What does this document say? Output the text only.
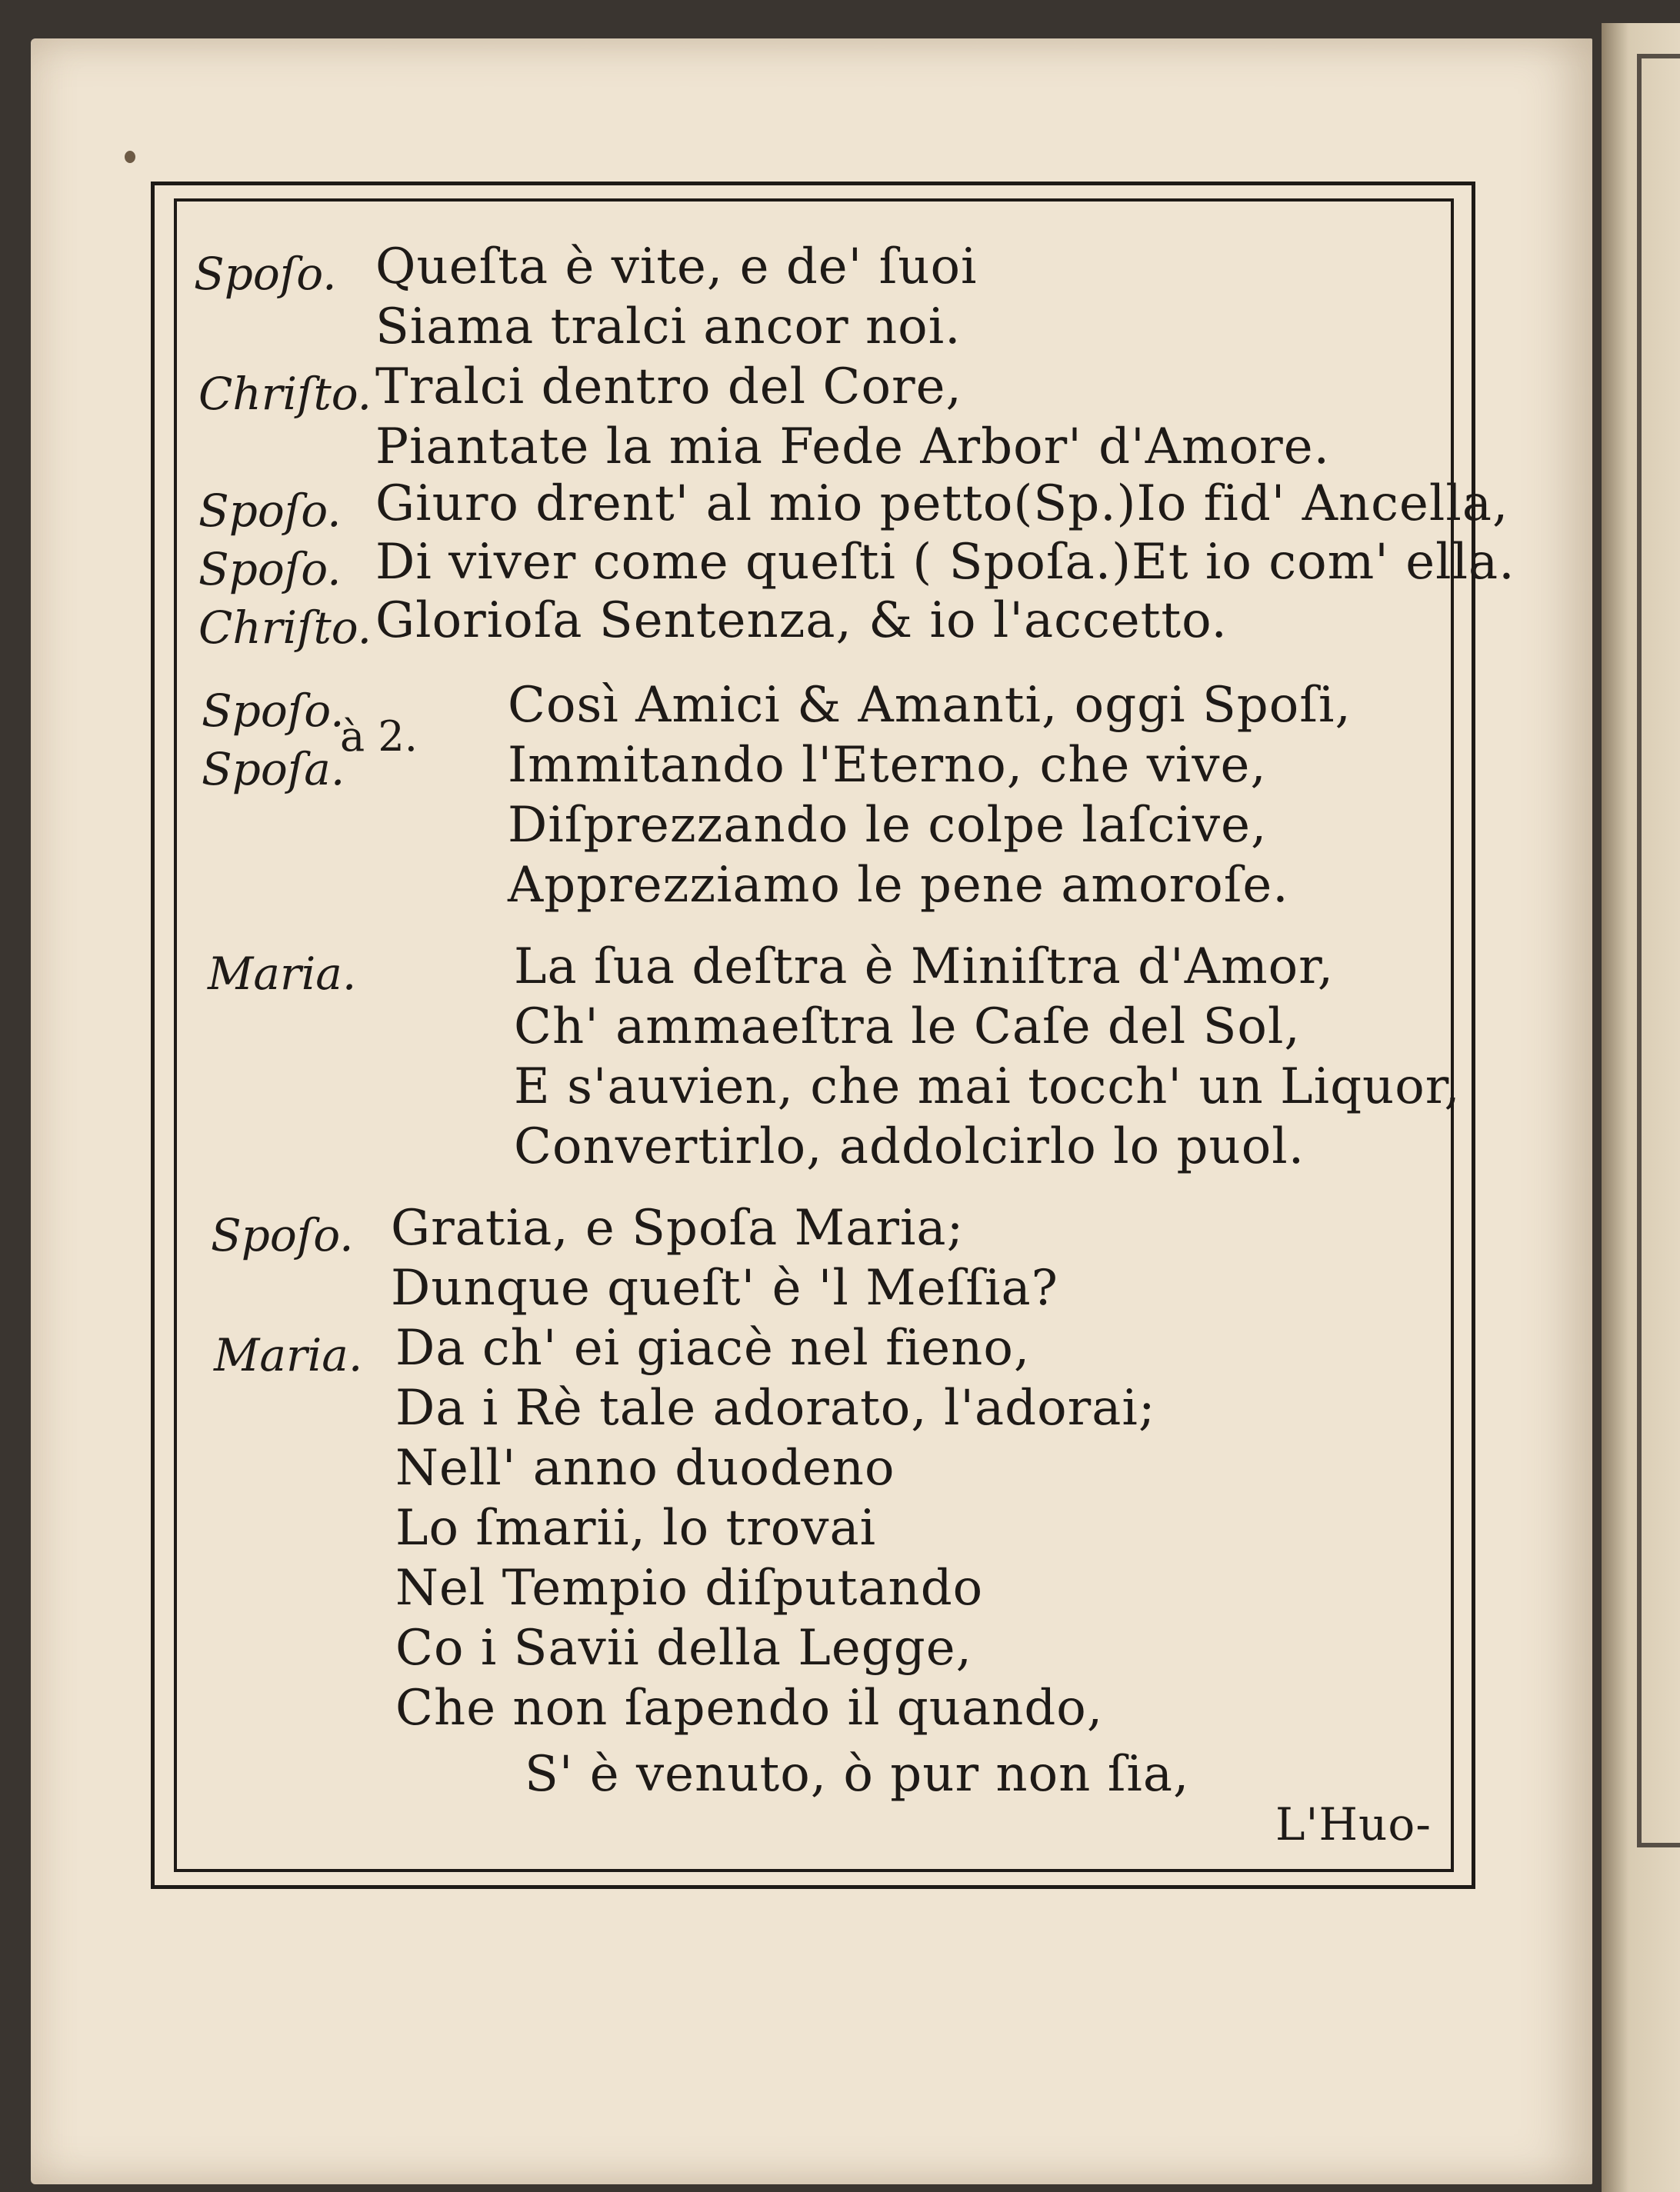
Spoſo. Queſta è vite, e de' ſuoi
Siama tralci ancor noi.
Chriſto. Tralci dentro del Core,
Piantate la mia Fede Arbor' d'Amore.
Spoſo. Giuro drent' al mio petto(Sp.)Io fid' Ancella,
Spoſo. Di viver come queſti ( Spoſa.)Et io com' ella.
Chriſto. Glorioſa Sentenza, & io l'accetto.
Spoſo.
Spoſa.
à 2.
Così Amici & Amanti, oggi Spoſi,
Immitando l'Eterno, che vive,
Diſprezzando le colpe laſcive,
Apprezziamo le pene amoroſe.
Maria.	La ſua deſtra è Miniſtra d'Amor,
Ch' ammaeſtra le Caſe del Sol,
E s'auvien, che mai tocch' un Liquor,
Convertirlo, addolcirlo lo puol.
Spoſo. Gratia, e Spoſa Maria;
Dunque queſt' è 'l Meſſia?
Maria. Da ch' ei giacè nel fieno,
Da i Rè tale adorato, l'adorai;
Nell' anno duodeno
Lo ſmarii, lo trovai
Nel Tempio diſputando
Co i Savii della Legge,
Che non ſapendo il quando,
S' è venuto, ò pur non ſia,
L'Huo-
